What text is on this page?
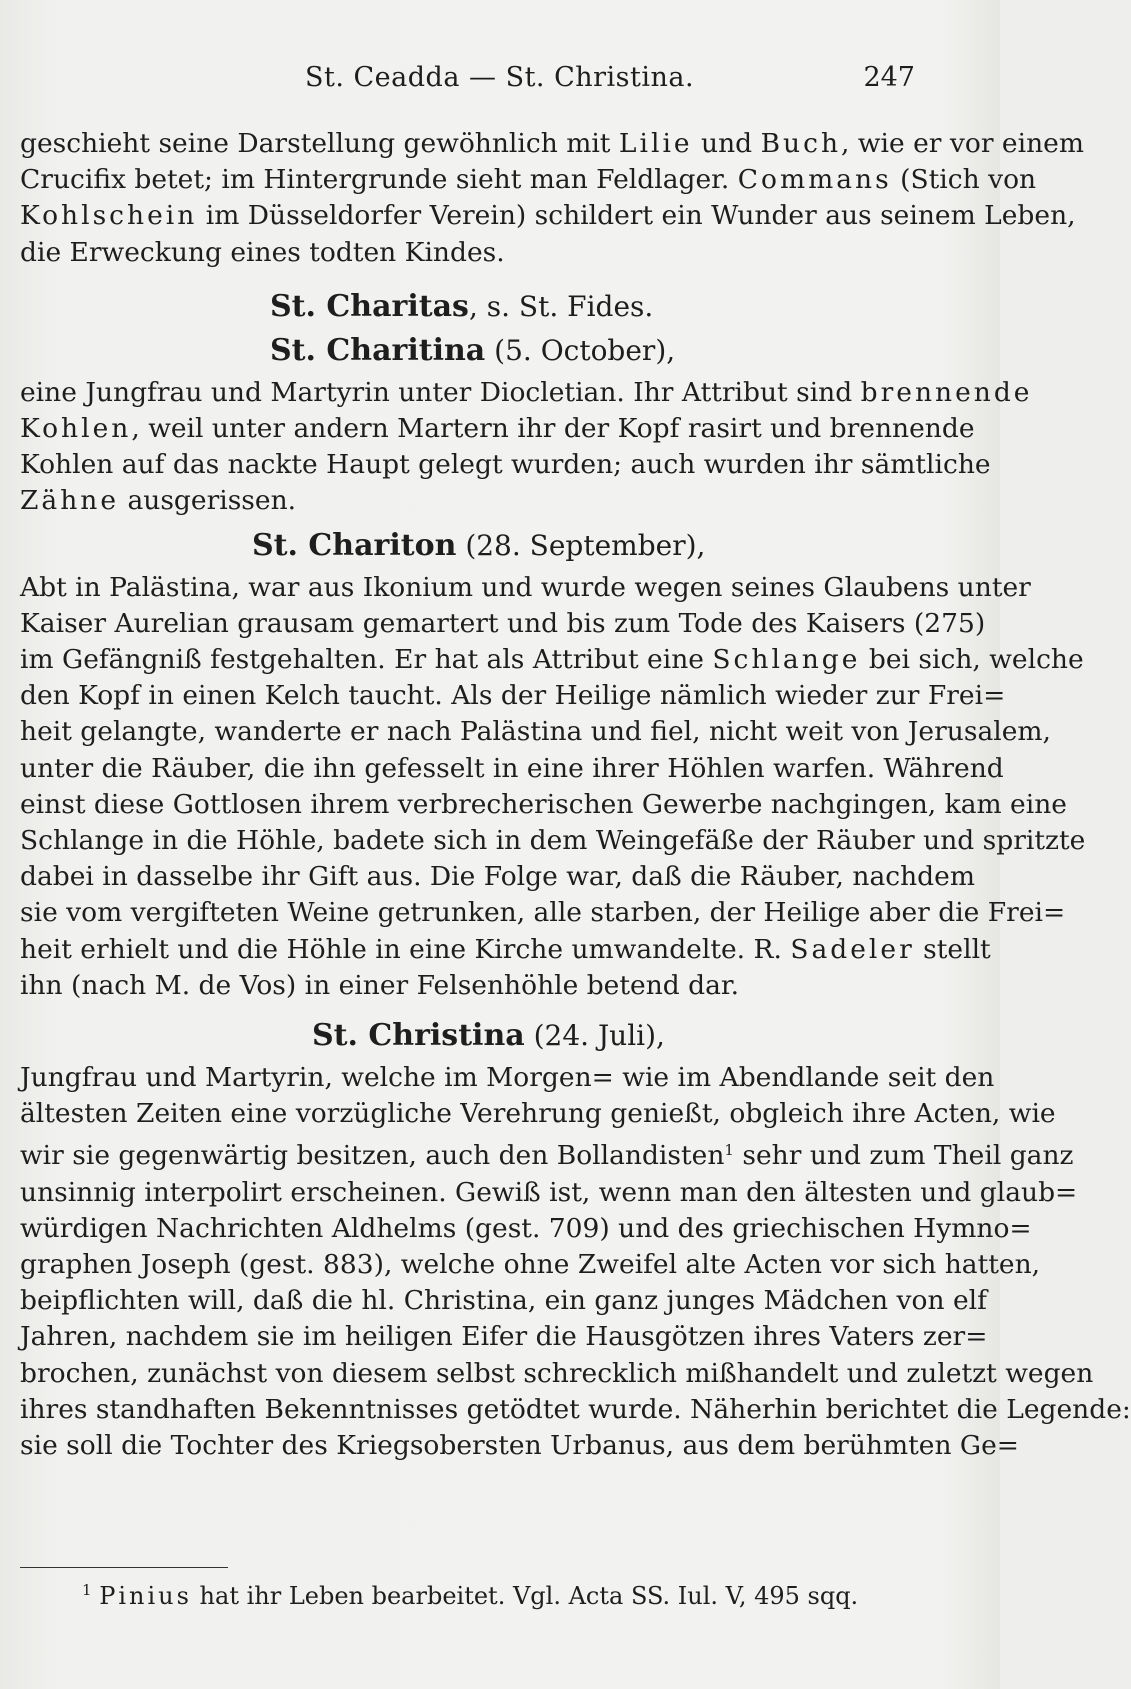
St. Ceadda — St. Christina.	247
geschieht seine Darstellung gewöhnlich mit Lilie und Buch, wie er vor einem
Crucifix betet; im Hintergrunde sieht man Feldlager. Commans (Stich von
Kohlschein im Düsseldorfer Verein) schildert ein Wunder aus seinem Leben,
die Erweckung eines todten Kindes.
St. Charitas, s. St. Fides.
St. Charitina (5. October),
eine Jungfrau und Martyrin unter Diocletian. Ihr Attribut sind brennende
Kohlen, weil unter andern Martern ihr der Kopf rasirt und brennende
Kohlen auf das nackte Haupt gelegt wurden; auch wurden ihr sämtliche
Zähne ausgerissen.
St. Chariton (28. September),
Abt in Palästina, war aus Ikonium und wurde wegen seines Glaubens unter
Kaiser Aurelian grausam gemartert und bis zum Tode des Kaisers (275)
im Gefängniß festgehalten. Er hat als Attribut eine Schlange bei sich, welche
den Kopf in einen Kelch taucht. Als der Heilige nämlich wieder zur Frei=
heit gelangte, wanderte er nach Palästina und fiel, nicht weit von Jerusalem,
unter die Räuber, die ihn gefesselt in eine ihrer Höhlen warfen. Während
einst diese Gottlosen ihrem verbrecherischen Gewerbe nachgingen, kam eine
Schlange in die Höhle, badete sich in dem Weingefäße der Räuber und spritzte
dabei in dasselbe ihr Gift aus. Die Folge war, daß die Räuber, nachdem
sie vom vergifteten Weine getrunken, alle starben, der Heilige aber die Frei=
heit erhielt und die Höhle in eine Kirche umwandelte. R. Sadeler stellt
ihn (nach M. de Vos) in einer Felsenhöhle betend dar.
St. Christina (24. Juli),
Jungfrau und Martyrin, welche im Morgen= wie im Abendlande seit den
ältesten Zeiten eine vorzügliche Verehrung genießt, obgleich ihre Acten, wie
wir sie gegenwärtig besitzen, auch den Bollandisten$^1$ sehr und zum Theil ganz
unsinnig interpolirt erscheinen. Gewiß ist, wenn man den ältesten und glaub=
würdigen Nachrichten Aldhelms (gest. 709) und des griechischen Hymno=
graphen Joseph (gest. 883), welche ohne Zweifel alte Acten vor sich hatten,
beipflichten will, daß die hl. Christina, ein ganz junges Mädchen von elf
Jahren, nachdem sie im heiligen Eifer die Hausgötzen ihres Vaters zer=
brochen, zunächst von diesem selbst schrecklich mißhandelt und zuletzt wegen
ihres standhaften Bekenntnisses getödtet wurde. Näherhin berichtet die Legende:
sie soll die Tochter des Kriegsobersten Urbanus, aus dem berühmten Ge=
$^1$ Pinius hat ihr Leben bearbeitet. Vgl. Acta SS. Iul. V, 495 sqq.
